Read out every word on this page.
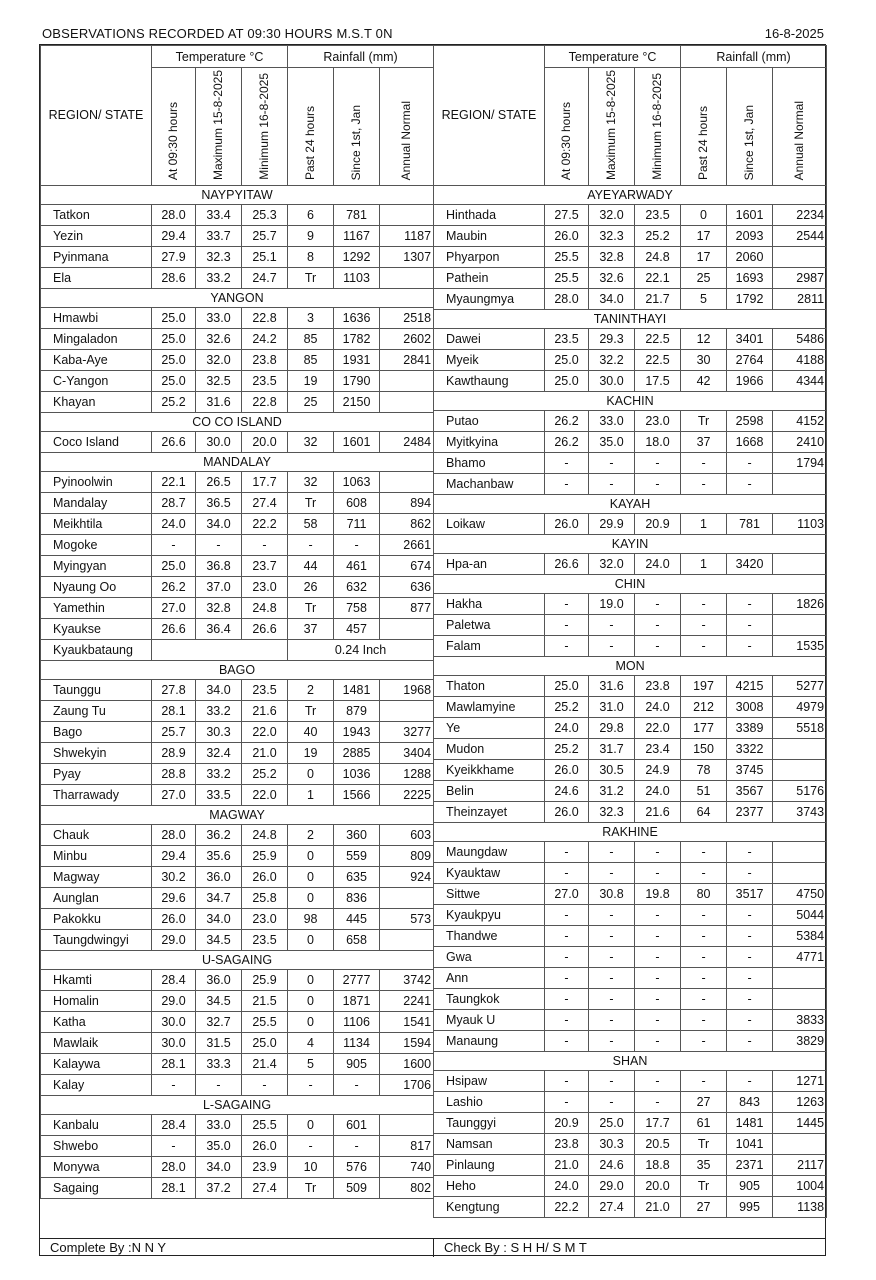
OBSERVATIONS RECORDED AT 09:30 HOURS M.S.T 0N	16-8-2025
REGION/ STATE	Temperature °C			Rainfall (mm)		
	At 09:30 hours	Maximum 15-8-2025	Minimum 16-8-2025	Past 24 hours	Since 1st, Jan	Annual Normal
NAYPYITAW						
Tatkon	28.0	33.4	25.3	6	781	
Yezin	29.4	33.7	25.7	9	1167	1187
Pyinmana	27.9	32.3	25.1	8	1292	1307
Ela	28.6	33.2	24.7	Tr	1103	
YANGON						
Hmawbi	25.0	33.0	22.8	3	1636	2518
Mingaladon	25.0	32.6	24.2	85	1782	2602
Kaba-Aye	25.0	32.0	23.8	85	1931	2841
C-Yangon	25.0	32.5	23.5	19	1790	
Khayan	25.2	31.6	22.8	25	2150	
CO CO ISLAND						
Coco Island	26.6	30.0	20.0	32	1601	2484
MANDALAY						
Pyinoolwin	22.1	26.5	17.7	32	1063	
Mandalay	28.7	36.5	27.4	Tr	608	894
Meikhtila	24.0	34.0	22.2	58	711	862
Mogoke	-	-	-	-	-	2661
Myingyan	25.0	36.8	23.7	44	461	674
Nyaung Oo	26.2	37.0	23.0	26	632	636
Yamethin	27.0	32.8	24.8	Tr	758	877
Kyaukse	26.6	36.4	26.6	37	457	
Kyaukbataung				0.24 Inch		
BAGO						
Taunggu	27.8	34.0	23.5	2	1481	1968
Zaung Tu	28.1	33.2	21.6	Tr	879	
Bago	25.7	30.3	22.0	40	1943	3277
Shwekyin	28.9	32.4	21.0	19	2885	3404
Pyay	28.8	33.2	25.2	0	1036	1288
Tharrawady	27.0	33.5	22.0	1	1566	2225
MAGWAY						
Chauk	28.0	36.2	24.8	2	360	603
Minbu	29.4	35.6	25.9	0	559	809
Magway	30.2	36.0	26.0	0	635	924
Aunglan	29.6	34.7	25.8	0	836	
Pakokku	26.0	34.0	23.0	98	445	573
Taungdwingyi	29.0	34.5	23.5	0	658	
U-SAGAING						
Hkamti	28.4	36.0	25.9	0	2777	3742
Homalin	29.0	34.5	21.5	0	1871	2241
Katha	30.0	32.7	25.5	0	1106	1541
Mawlaik	30.0	31.5	25.0	4	1134	1594
Kalaywa	28.1	33.3	21.4	5	905	1600
Kalay	-	-	-	-	-	1706
L-SAGAING						
Kanbalu	28.4	33.0	25.5	0	601	
Shwebo	-	35.0	26.0	-	-	817
Monywa	28.0	34.0	23.9	10	576	740
Sagaing	28.1	37.2	27.4	Tr	509	802
REGION/ STATE	Temperature °C			Rainfall (mm)		
	At 09:30 hours	Maximum 15-8-2025	Minimum 16-8-2025	Past 24 hours	Since 1st, Jan	Annual Normal
AYEYARWADY						
Hinthada	27.5	32.0	23.5	0	1601	2234
Maubin	26.0	32.3	25.2	17	2093	2544
Phyarpon	25.5	32.8	24.8	17	2060	
Pathein	25.5	32.6	22.1	25	1693	2987
Myaungmya	28.0	34.0	21.7	5	1792	2811
TANINTHAYI						
Dawei	23.5	29.3	22.5	12	3401	5486
Myeik	25.0	32.2	22.5	30	2764	4188
Kawthaung	25.0	30.0	17.5	42	1966	4344
KACHIN						
Putao	26.2	33.0	23.0	Tr	2598	4152
Myitkyina	26.2	35.0	18.0	37	1668	2410
Bhamo	-	-	-	-	-	1794
Machanbaw	-	-	-	-	-	
KAYAH						
Loikaw	26.0	29.9	20.9	1	781	1103
KAYIN						
Hpa-an	26.6	32.0	24.0	1	3420	
CHIN						
Hakha	-	19.0	-	-	-	1826
Paletwa	-	-	-	-	-	
Falam	-	-	-	-	-	1535
MON						
Thaton	25.0	31.6	23.8	197	4215	5277
Mawlamyine	25.2	31.0	24.0	212	3008	4979
Ye	24.0	29.8	22.0	177	3389	5518
Mudon	25.2	31.7	23.4	150	3322	
Kyeikkhame	26.0	30.5	24.9	78	3745	
Belin	24.6	31.2	24.0	51	3567	5176
Theinzayet	26.0	32.3	21.6	64	2377	3743
RAKHINE						
Maungdaw	-	-	-	-	-	
Kyauktaw	-	-	-	-	-	
Sittwe	27.0	30.8	19.8	80	3517	4750
Kyaukpyu	-	-	-	-	-	5044
Thandwe	-	-	-	-	-	5384
Gwa	-	-	-	-	-	4771
Ann	-	-	-	-	-	
Taungkok	-	-	-	-	-	
Myauk U	-	-	-	-	-	3833
Manaung	-	-	-	-	-	3829
SHAN						
Hsipaw	-	-	-	-	-	1271
Lashio	-	-	-	27	843	1263
Taunggyi	20.9	25.0	17.7	61	1481	1445
Namsan	23.8	30.3	20.5	Tr	1041	
Pinlaung	21.0	24.6	18.8	35	2371	2117
Heho	24.0	29.0	20.0	Tr	905	1004
Kengtung	22.2	27.4	21.0	27	995	1138
Complete By :N N Y	Check By : S H H/ S M T
